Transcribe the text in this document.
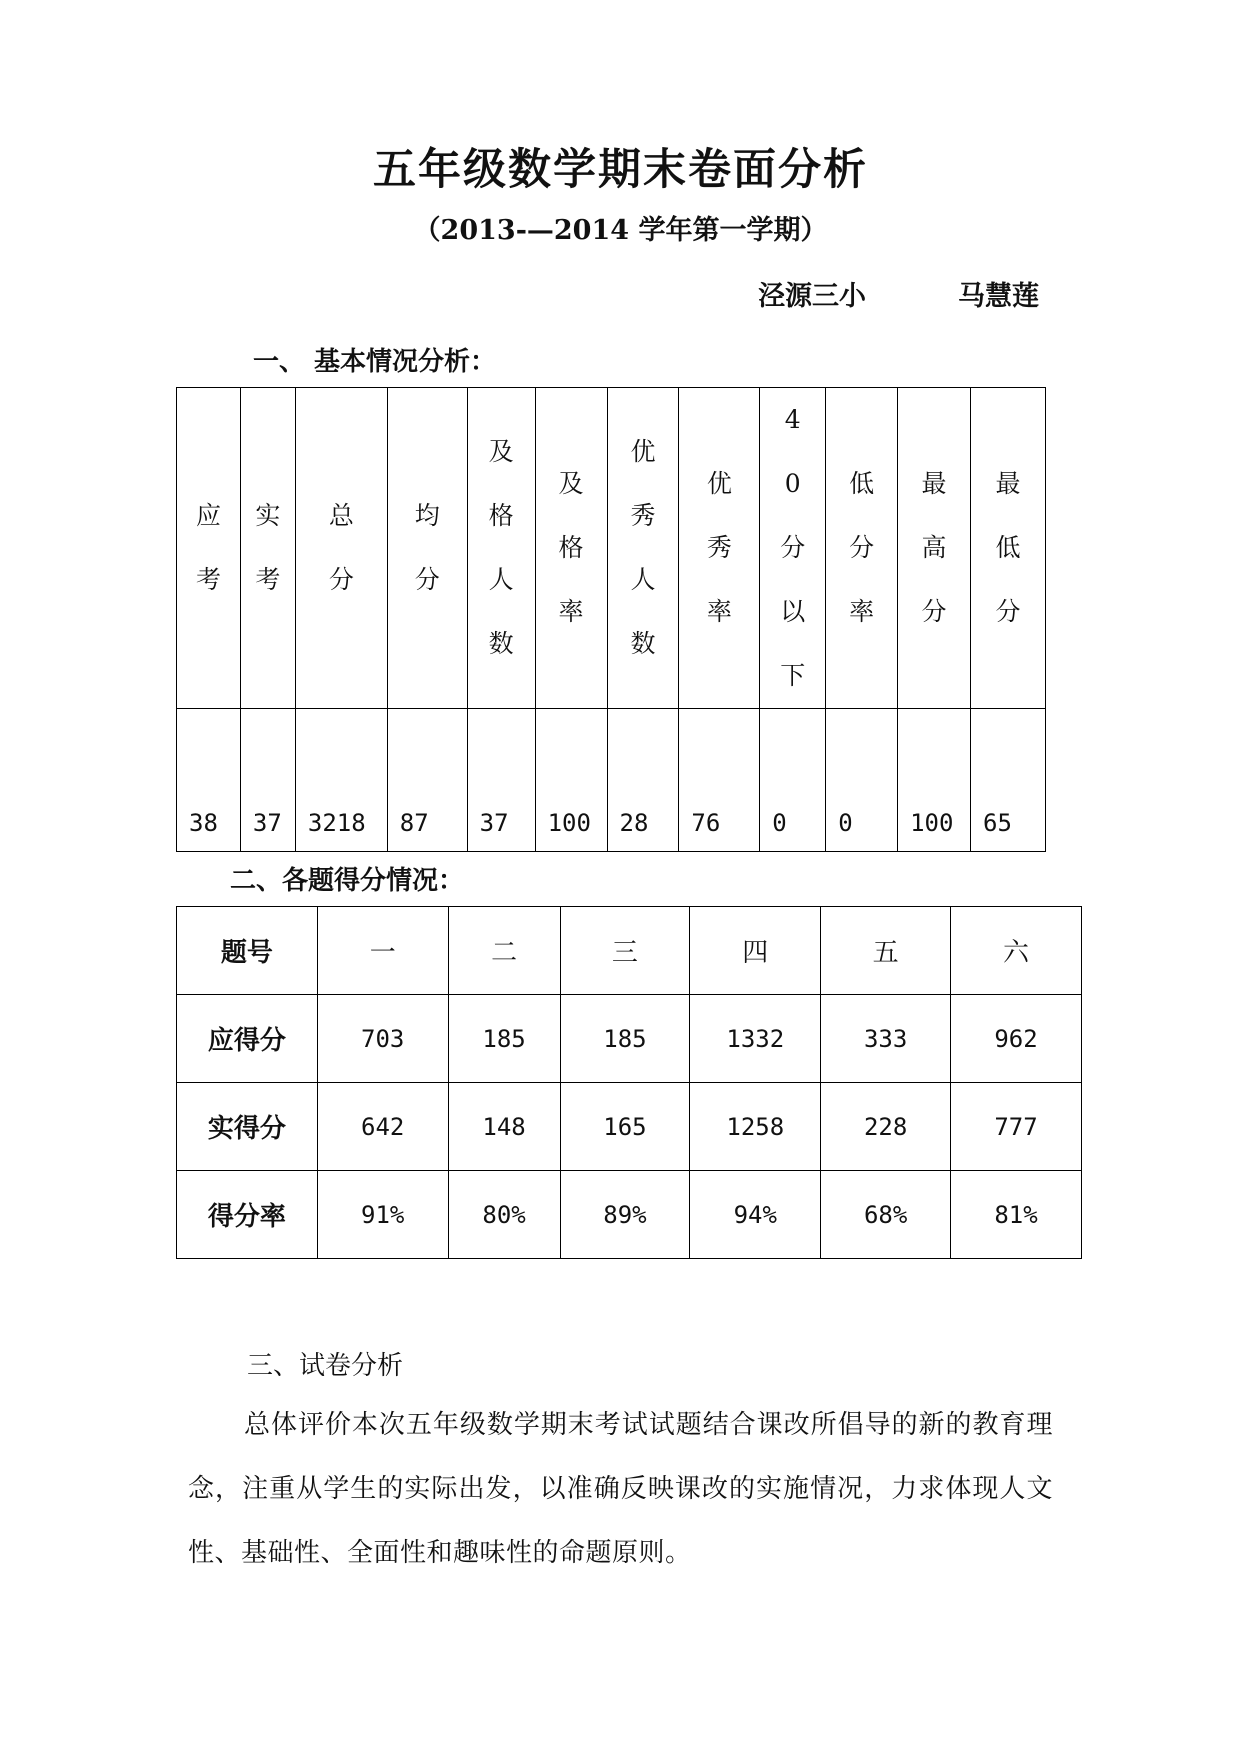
五年级数学期末卷面分析
（2013-—2014 学年第一学期）
泾源三小	马慧莲
一、 基本情况分析：
应考	实考	总分	均分	及格人数	及格率	优秀人数	优秀率	40分以下	低分率	最高分	最低分

38	37	3218	87	37	100	28	76	0	0	100	65
二、各题得分情况：
题号	一	二	三	四	五	六
应得分	703	185	185	1332	333	962
实得分	642	148	165	1258	228	777
得分率	91%	80%	89%	94%	68%	81%
三、试卷分析
总体评价本次五年级数学期末考试试题结合课改所倡导的新的教育理念，注重从学生的实际出发，以准确反映课改的实施情况，力求体现人文性、基础性、全面性和趣味性的命题原则。
